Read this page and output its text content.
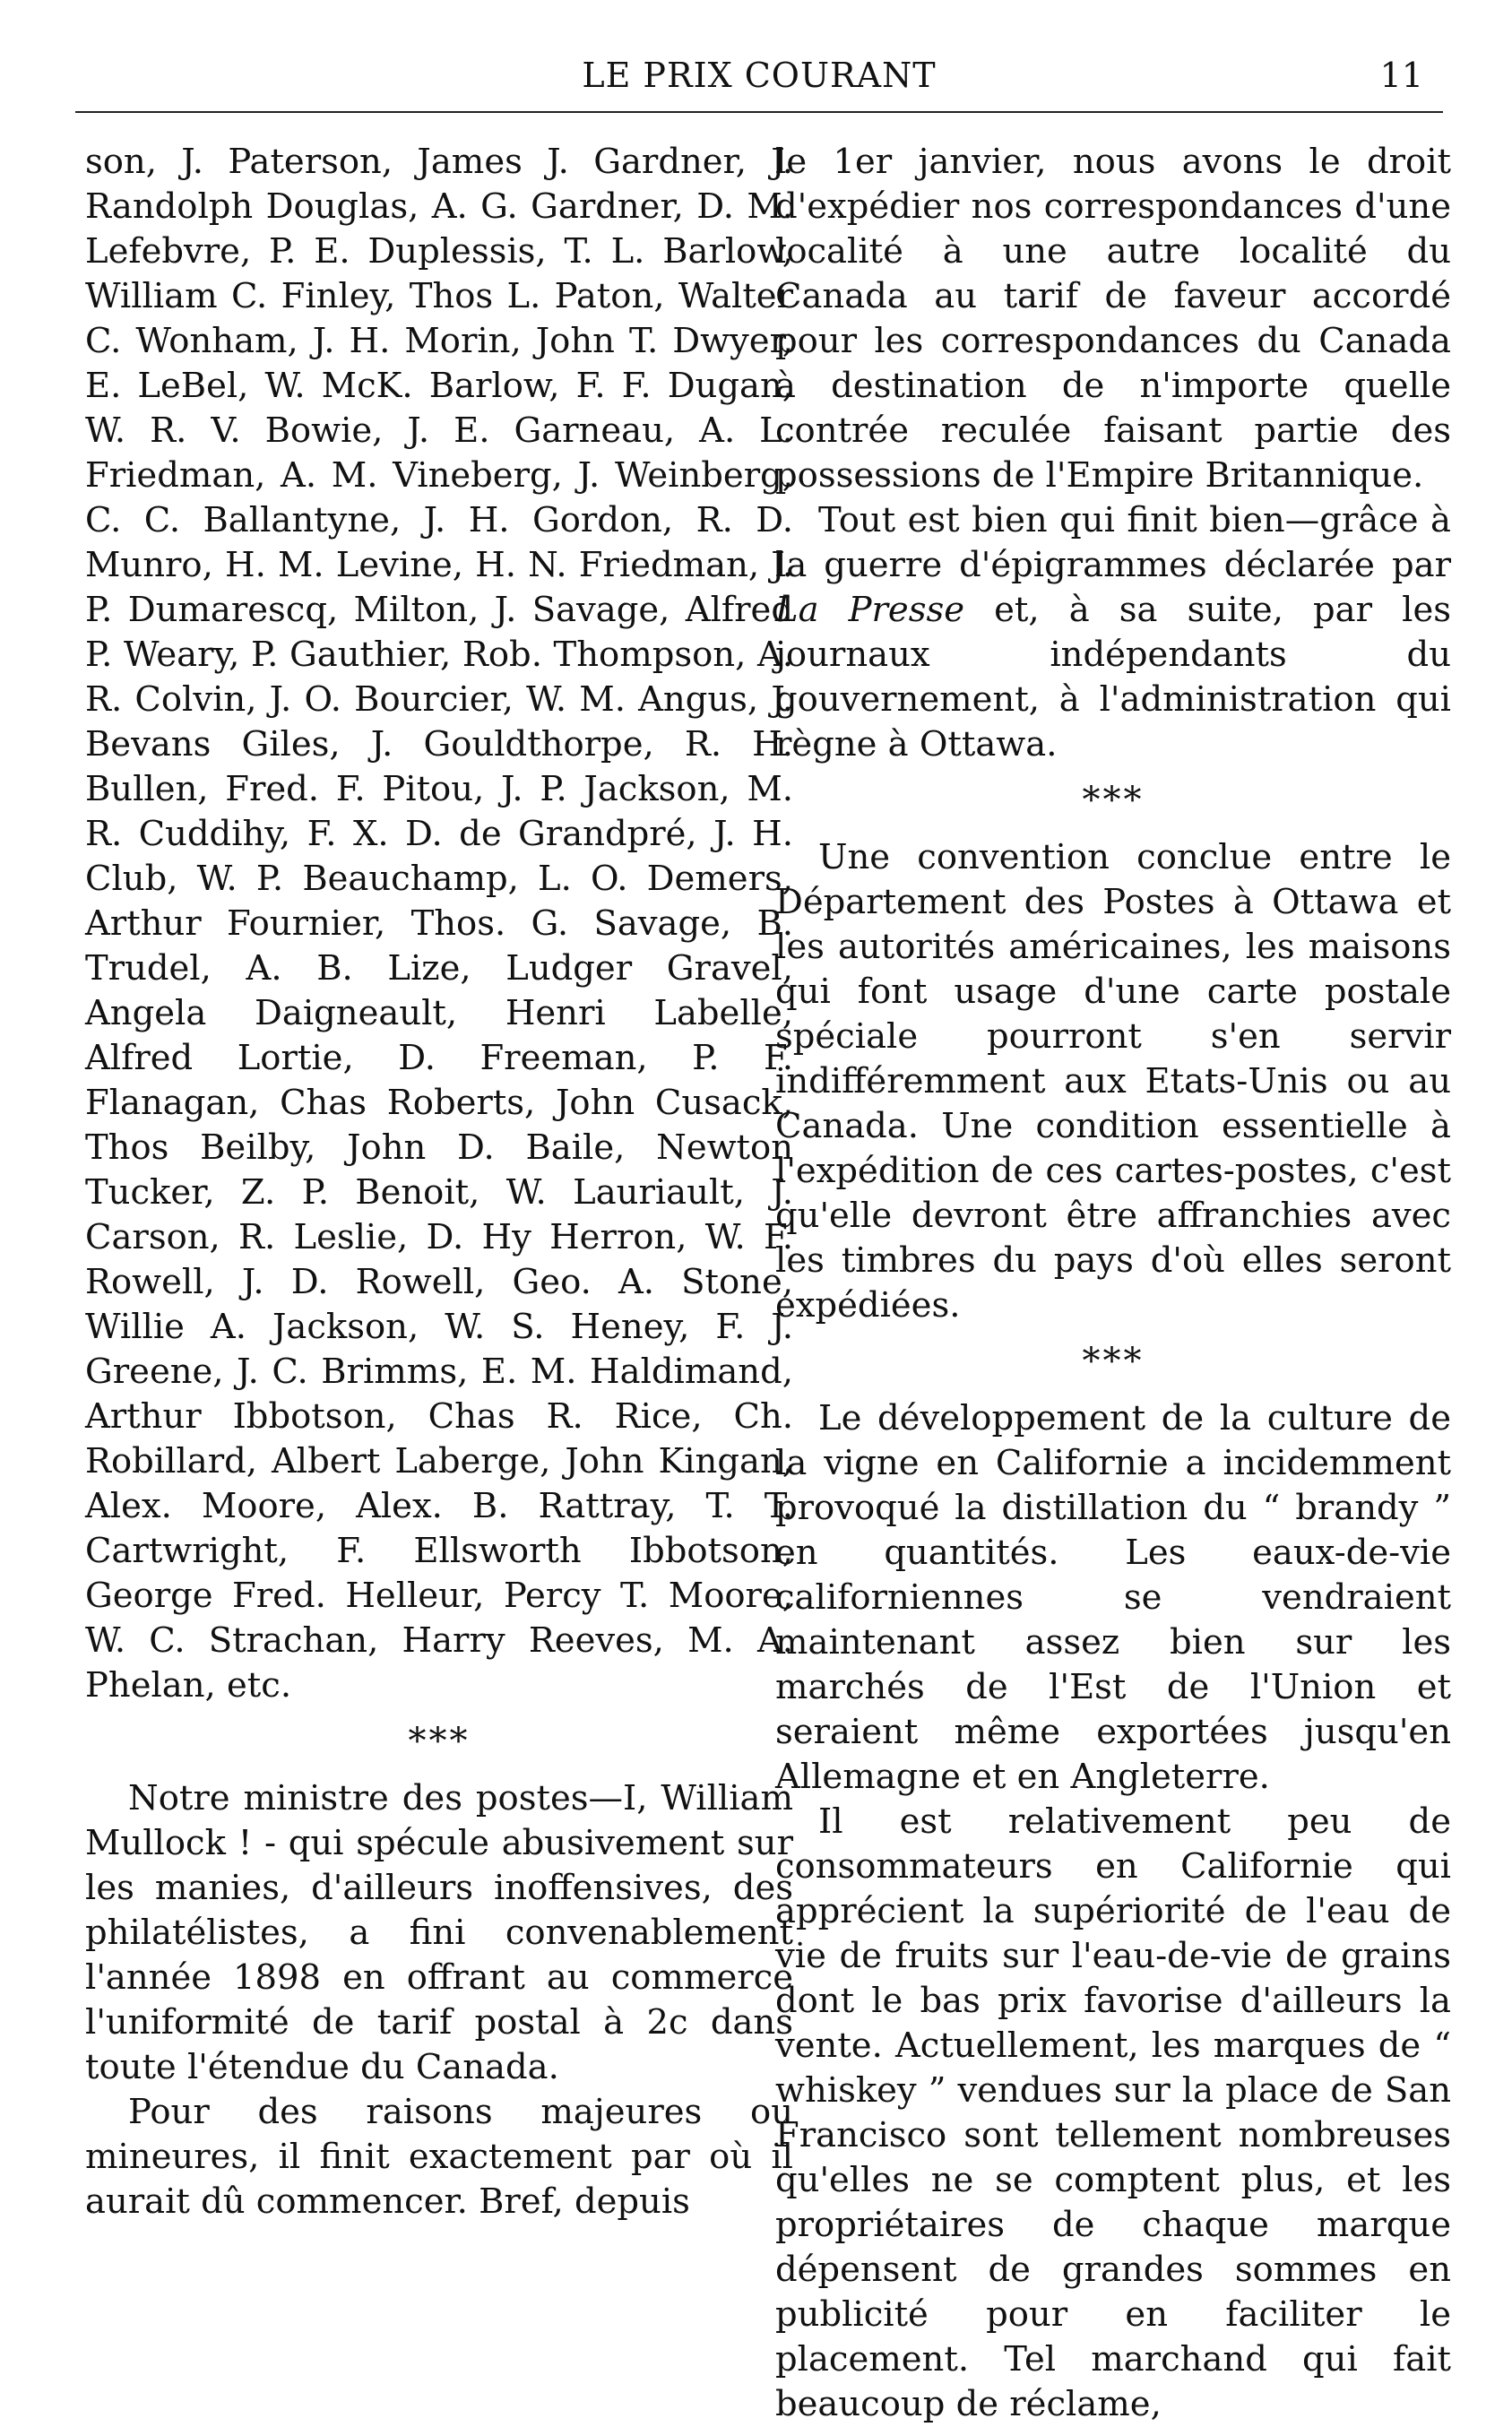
LE PRIX COURANT	11

son, J. Paterson, James J. Gardner, J. Randolph Douglas, A. G. Gardner, D. M. Lefebvre, P. E. Duplessis, T. L. Barlow, William C. Finley, Thos L. Paton, Walter C. Wonham, J. H. Morin, John T. Dwyer, E. LeBel, W. McK. Barlow, F. F. Dugan, W. R. V. Bowie, J. E. Garneau, A. L. Friedman, A. M. Vineberg, J. Weinberg, C. C. Ballantyne, J. H. Gordon, R. D. Munro, H. M. Levine, H. N. Friedman, J. P. Dumarescq, Milton, J. Savage, Alfred P. Weary, P. Gauthier, Rob. Thompson, A. R. Colvin, J. O. Bourcier, W. M. Angus, J. Bevans Giles, J. Gouldthorpe, R. H. Bullen, Fred. F. Pitou, J. P. Jackson, M. R. Cuddihy, F. X. D. de Grandpré, J. H. Club, W. P. Beauchamp, L. O. Demers, Arthur Fournier, Thos. G. Savage, B. Trudel, A. B. Lize, Ludger Gravel, Angela Daigneault, Henri Labelle, Alfred Lortie, D. Freeman, P. F. Flanagan, Chas Roberts, John Cusack, Thos Beilby, John D. Baile, Newton Tucker, Z. P. Benoit, W. Lauriault, J. Carson, R. Leslie, D. Hy Herron, W. F. Rowell, J. D. Rowell, Geo. A. Stone, Willie A. Jackson, W. S. Heney, F. J. Greene, J. C. Brimms, E. M. Haldimand, Arthur Ibbotson, Chas R. Rice, Ch. Robillard, Albert Laberge, John Kingan, Alex. Moore, Alex. B. Rattray, T. T. Cartwright, F. Ellsworth Ibbotson, George Fred. Helleur, Percy T. Moore, W. C. Strachan, Harry Reeves, M. A. Phelan, etc.

***

Notre ministre des postes—I, William Mullock ! - qui spécule abusivement sur les manies, d'ailleurs inoffensives, des philatélistes, a fini convenablement l'année 1898 en offrant au commerce l'uniformité de tarif postal à 2c dans toute l'étendue du Canada.

Pour des raisons majeures ou mineures, il finit exactement par où il aurait dû commencer. Bref, depuis

le 1er janvier, nous avons le droit d'expédier nos correspondances d'une localité à une autre localité du Canada au tarif de faveur accordé pour les correspondances du Canada à destination de n'importe quelle contrée reculée faisant partie des possessions de l'Empire Britannique.

Tout est bien qui finit bien—grâce à la guerre d'épigrammes déclarée par La Presse et, à sa suite, par les journaux indépendants du gouvernement, à l'administration qui règne à Ottawa.

***

Une convention conclue entre le Département des Postes à Ottawa et les autorités américaines, les maisons qui font usage d'une carte postale spéciale pourront s'en servir indifféremment aux Etats-Unis ou au Canada. Une condition essentielle à l'expédition de ces cartes-postes, c'est qu'elle devront être affranchies avec les timbres du pays d'où elles seront expédiées.

***

Le développement de la culture de la vigne en Californie a incidemment provoqué la distillation du “ brandy ” en quantités. Les eaux-de-vie californiennes se vendraient maintenant assez bien sur les marchés de l'Est de l'Union et seraient même exportées jusqu'en Allemagne et en Angleterre.

Il est relativement peu de consommateurs en Californie qui apprécient la supériorité de l'eau de vie de fruits sur l'eau-de-vie de grains dont le bas prix favorise d'ailleurs la vente. Actuellement, les marques de “ whiskey ” vendues sur la place de San Francisco sont tellement nombreuses qu'elles ne se comptent plus, et les propriétaires de chaque marque dépensent de grandes sommes en publicité pour en faciliter le placement. Tel marchand qui fait beaucoup de réclame,
